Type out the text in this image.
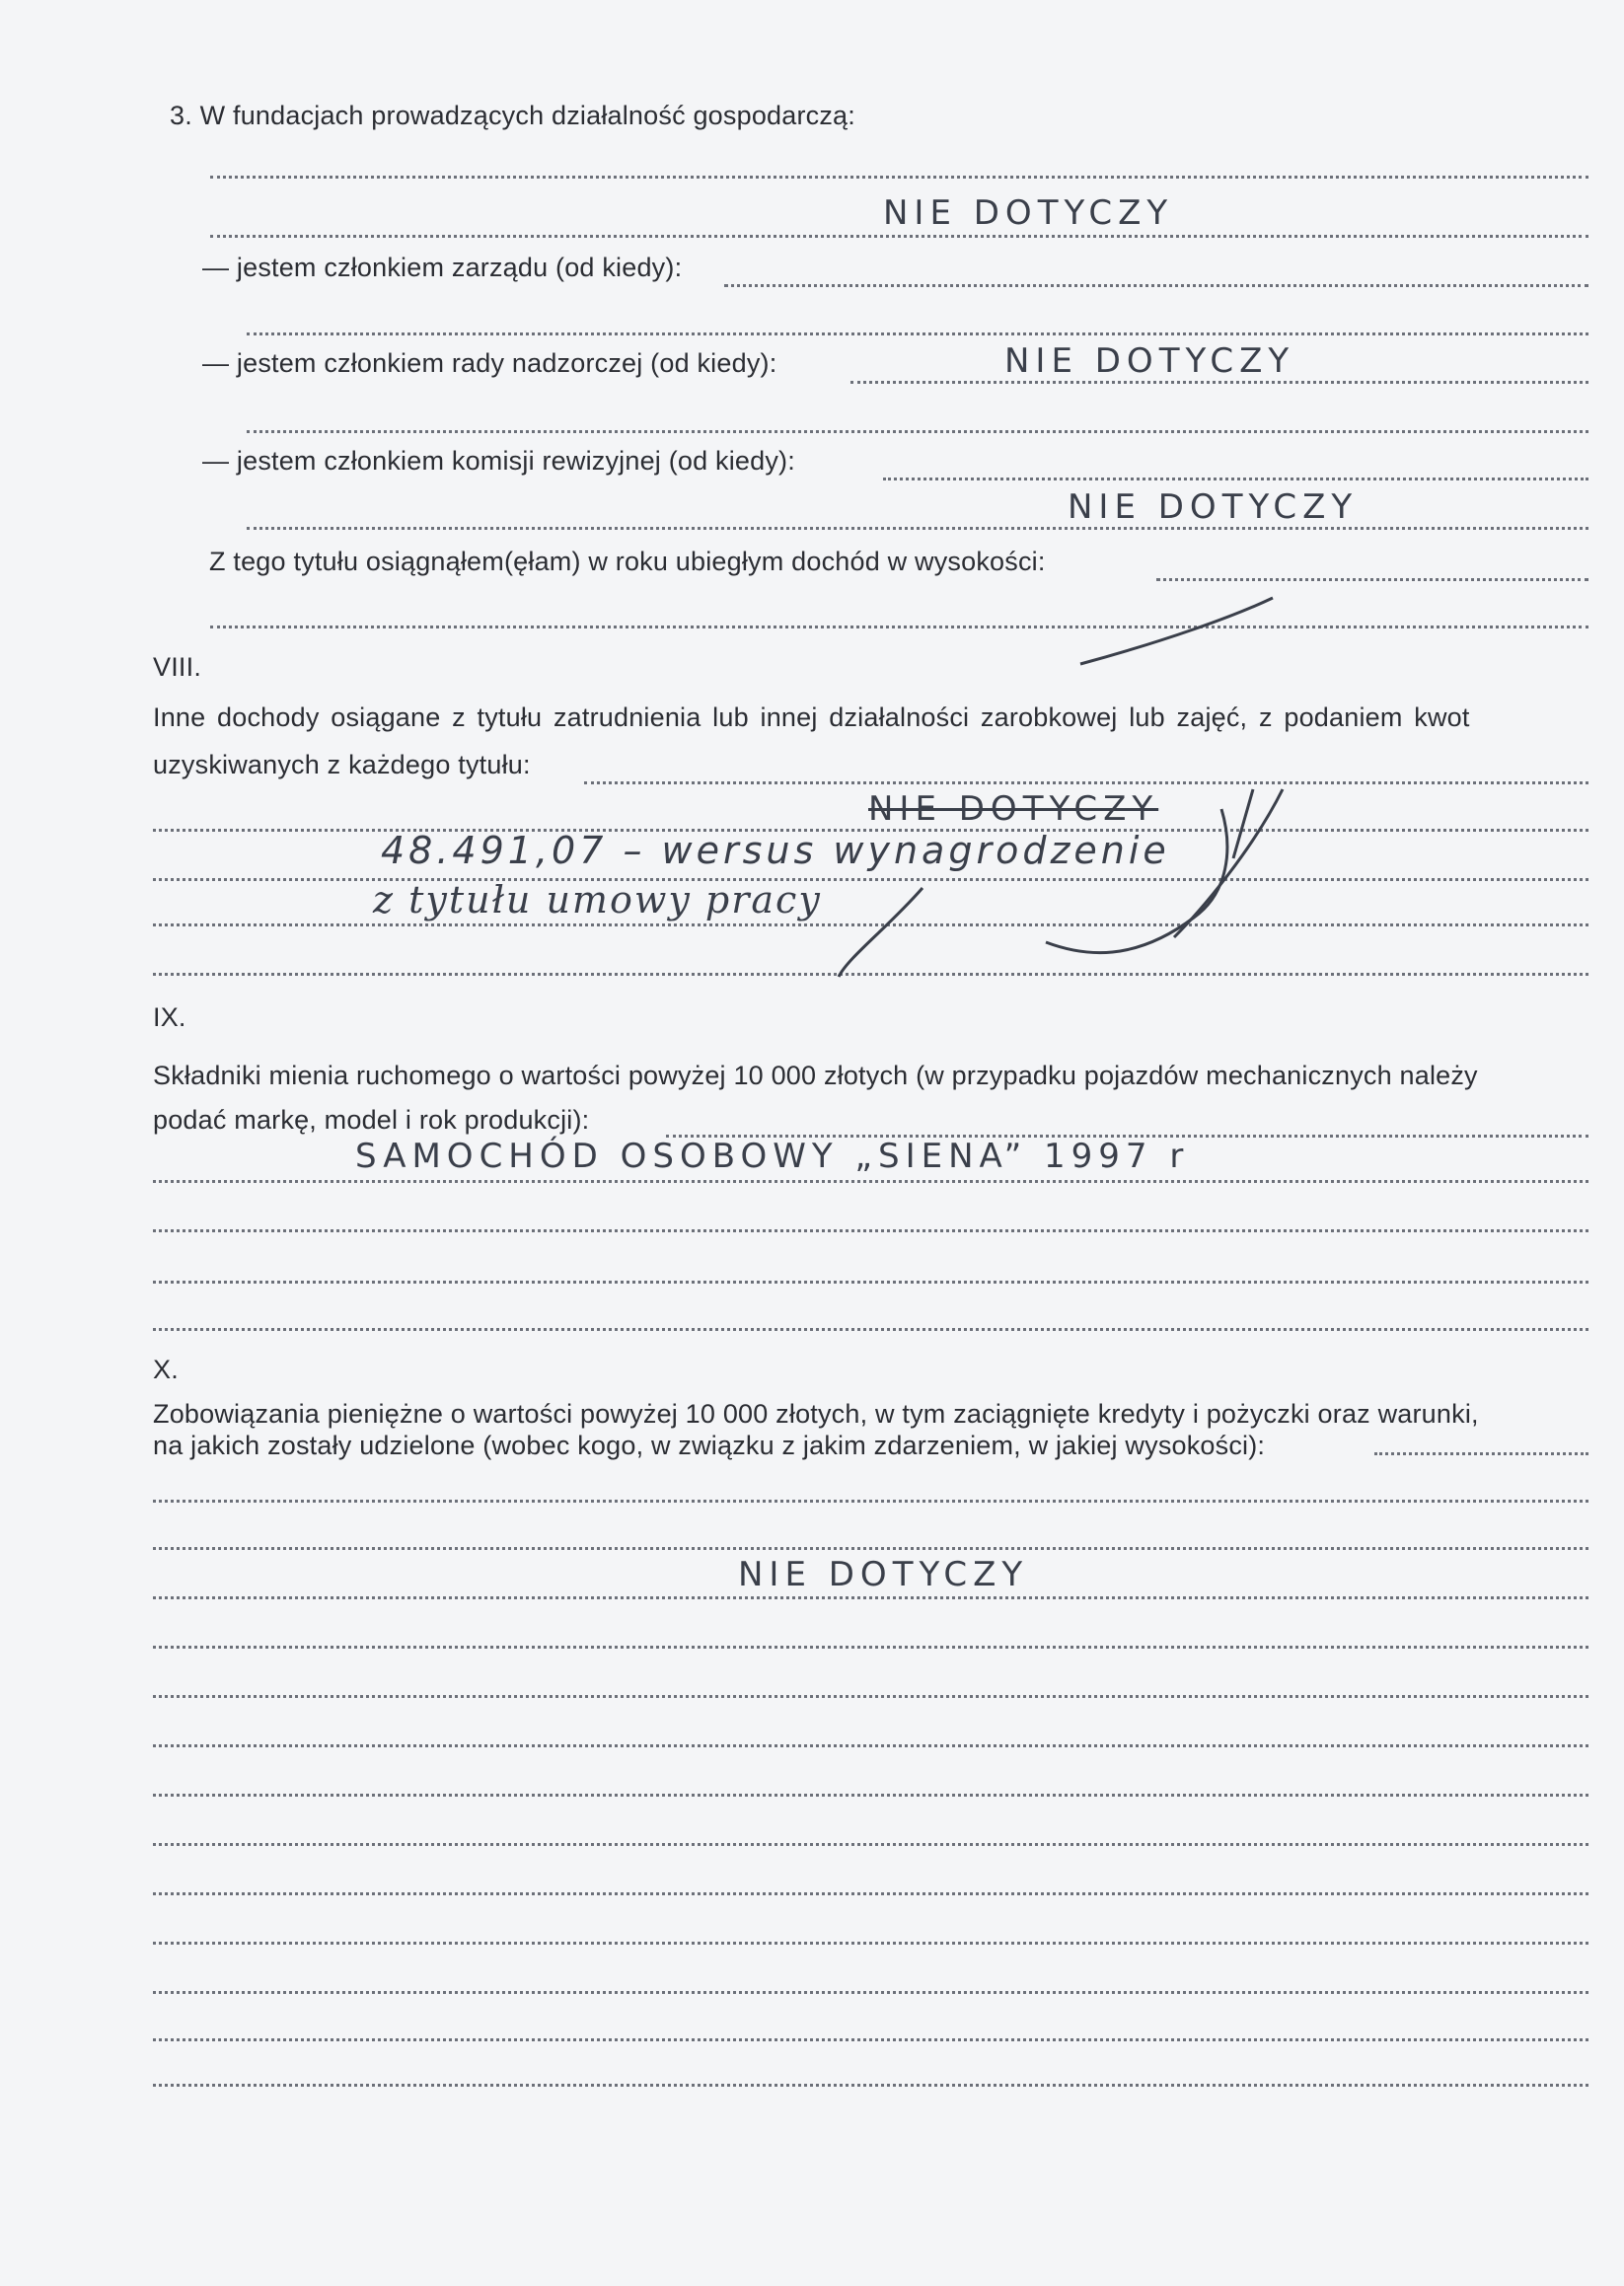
3. W fundacjach prowadzących działalność gospodarczą:
NIE DOTYCZY
— jestem członkiem zarządu (od kiedy):
— jestem członkiem rady nadzorczej (od kiedy):	NIE DOTYCZY
— jestem członkiem komisji rewizyjnej (od kiedy):
NIE DOTYCZY
Z tego tytułu osiągnąłem(ęłam) w roku ubiegłym dochód w wysokości:
VIII.
Inne dochody osiągane z tytułu zatrudnienia lub innej działalności zarobkowej lub zajęć, z podaniem kwot
uzyskiwanych z każdego tytułu:
NIE DOTYCZY
48.491,07 – wersus wynagrodzenie
z tytułu umowy pracy
IX.
Składniki mienia ruchomego o wartości powyżej 10 000 złotych (w przypadku pojazdów mechanicznych należy
podać markę, model i rok produkcji):
SAMOCHÓD OSOBOWY „SIENA” 1997 r
X.
Zobowiązania pieniężne o wartości powyżej 10 000 złotych, w tym zaciągnięte kredyty i pożyczki oraz warunki,
na jakich zostały udzielone (wobec kogo, w związku z jakim zdarzeniem, w jakiej wysokości):
NIE DOTYCZY
